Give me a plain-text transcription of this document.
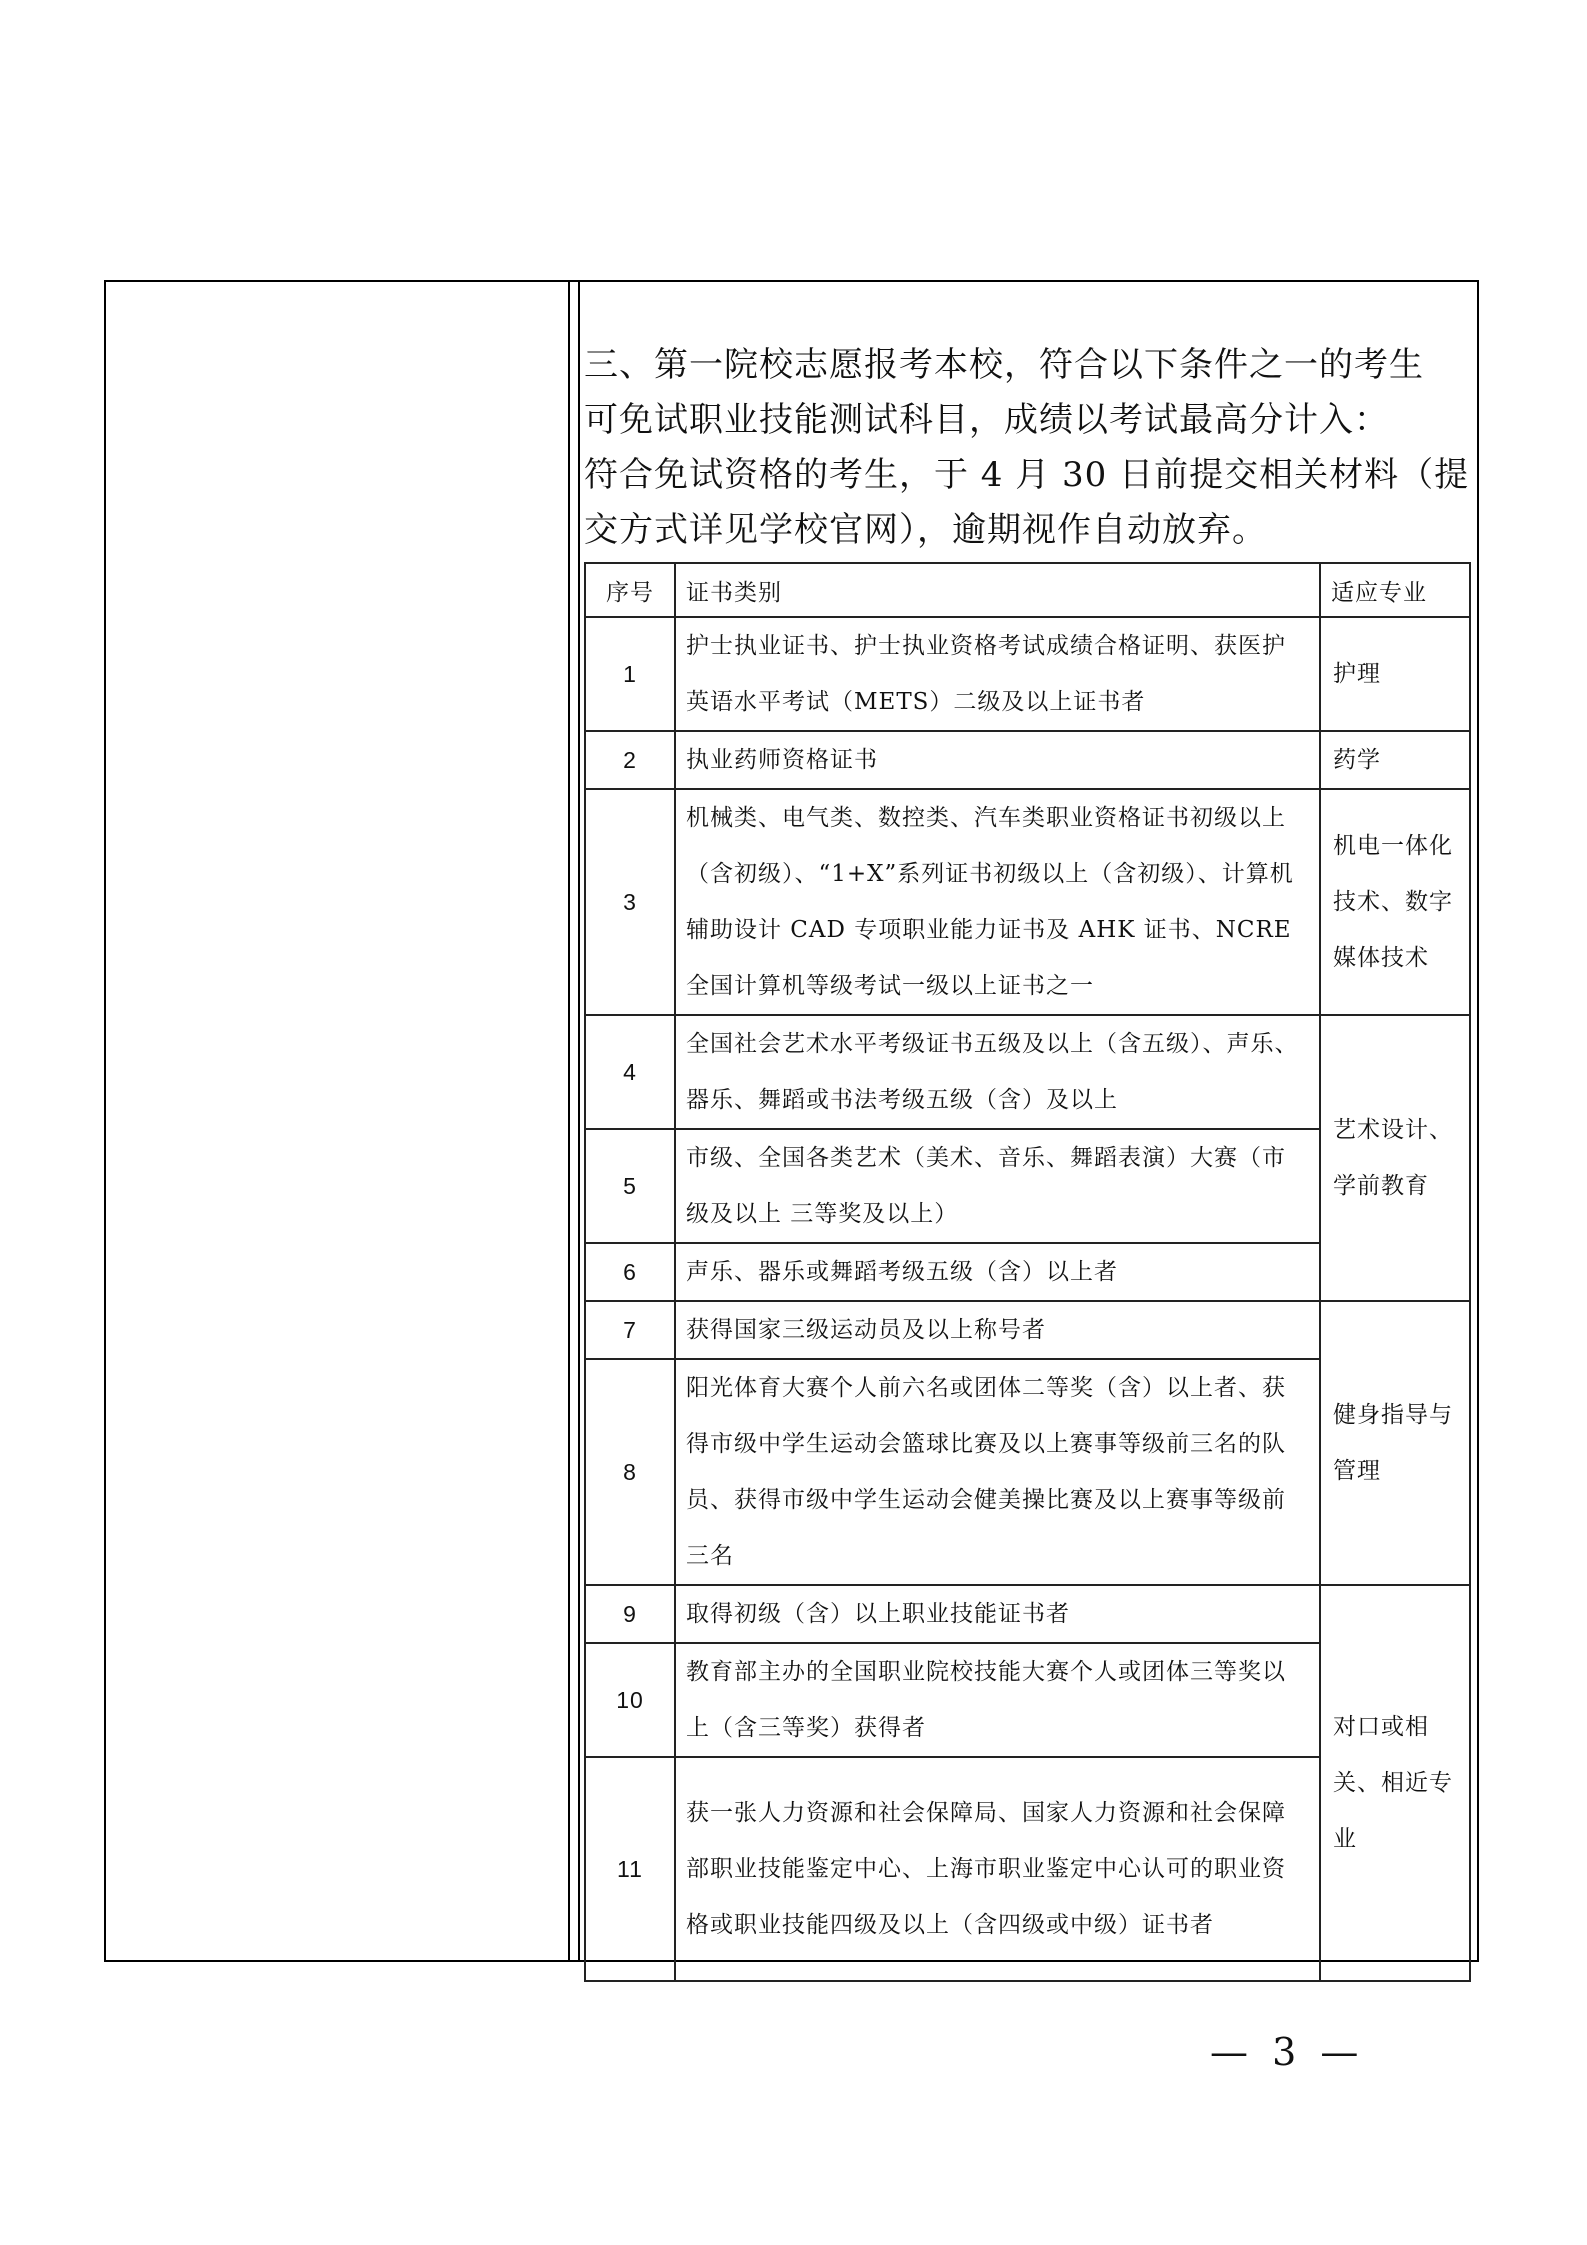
三、第一院校志愿报考本校，符合以下条件之一的考生

可免试职业技能测试科目，成绩以考试最高分计入：

符合免试资格的考生，于 4 月 30 日前提交相关材料（提

交方式详见学校官网），逾期视作自动放弃。

序号	证书类别	适应专业
1	护士执业证书、护士执业资格考试成绩合格证明、获医护英语水平考试（METS）二级及以上证书者	护理
2	执业药师资格证书	药学
3	机械类、电气类、数控类、汽车类职业资格证书初级以上（含初级）、“1+X”系列证书初级以上（含初级）、计算机辅助设计 CAD 专项职业能力证书及 AHK 证书、NCRE 全国计算机等级考试一级以上证书之一	机电一体化技术、数字媒体技术
4	全国社会艺术水平考级证书五级及以上（含五级）、声乐、器乐、舞蹈或书法考级五级（含）及以上	艺术设计、学前教育
5	市级、全国各类艺术（美术、音乐、舞蹈表演）大赛（市级及以上 三等奖及以上）	
6	声乐、器乐或舞蹈考级五级（含）以上者	
7	获得国家三级运动员及以上称号者	健身指导与管理
8	阳光体育大赛个人前六名或团体二等奖（含）以上者、获得市级中学生运动会篮球比赛及以上赛事等级前三名的队员、获得市级中学生运动会健美操比赛及以上赛事等级前三名	
9	取得初级（含）以上职业技能证书者	对口或相关、相近专业
10	教育部主办的全国职业院校技能大赛个人或团体三等奖以上（含三等奖）获得者	
11	获一张人力资源和社会保障局、国家人力资源和社会保障部职业技能鉴定中心、上海市职业鉴定中心认可的职业资格或职业技能四级及以上（含四级或中级）证书者	
— 3 —
